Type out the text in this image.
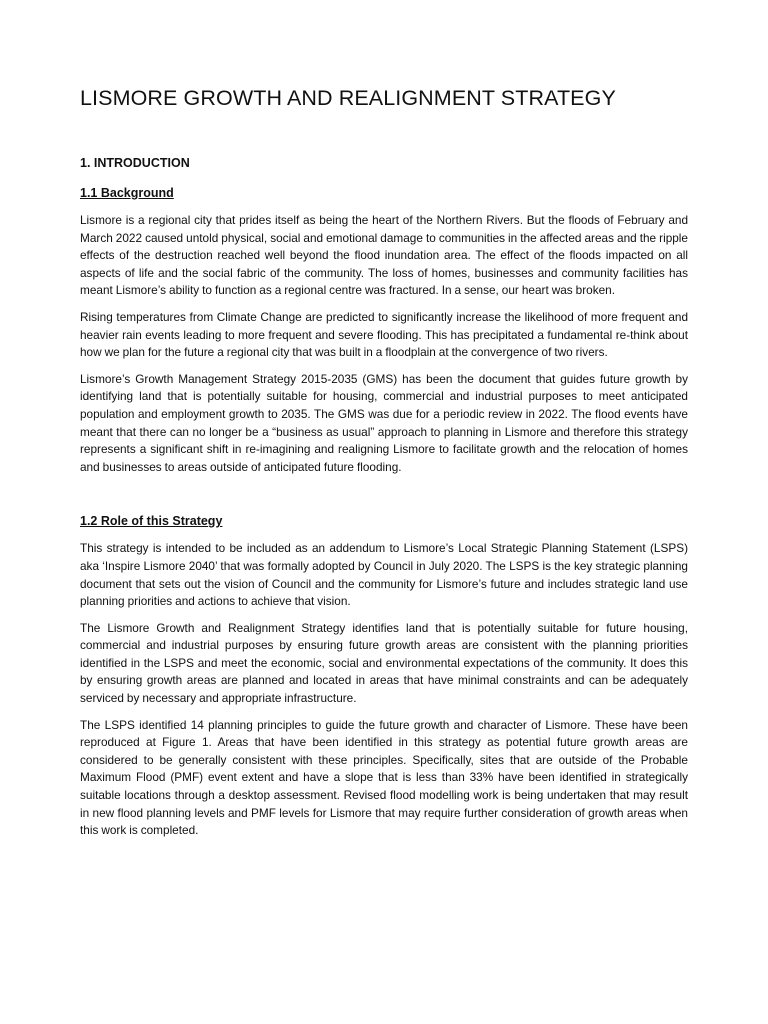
LISMORE GROWTH AND REALIGNMENT STRATEGY
1. INTRODUCTION
1.1 Background

Lismore is a regional city that prides itself as being the heart of the Northern Rivers. But the floods of February and March 2022 caused untold physical, social and emotional damage to communities in the affected areas and the ripple effects of the destruction reached well beyond the flood inundation area. The effect of the floods impacted on all aspects of life and the social fabric of the community. The loss of homes, businesses and community facilities has meant Lismore’s ability to function as a regional centre was fractured. In a sense, our heart was broken.

Rising temperatures from Climate Change are predicted to significantly increase the likelihood of more frequent and heavier rain events leading to more frequent and severe flooding. This has precipitated a fundamental re-think about how we plan for the future a regional city that was built in a floodplain at the convergence of two rivers.

Lismore’s Growth Management Strategy 2015-2035 (GMS) has been the document that guides future growth by identifying land that is potentially suitable for housing, commercial and industrial purposes to meet anticipated population and employment growth to 2035. The GMS was due for a periodic review in 2022. The flood events have meant that there can no longer be a “business as usual” approach to planning in Lismore and therefore this strategy represents a significant shift in re-imagining and realigning Lismore to facilitate growth and the relocation of homes and businesses to areas outside of anticipated future flooding.

1.2 Role of this Strategy

This strategy is intended to be included as an addendum to Lismore’s Local Strategic Planning Statement (LSPS) aka ‘Inspire Lismore 2040’ that was formally adopted by Council in July 2020. The LSPS is the key strategic planning document that sets out the vision of Council and the community for Lismore’s future and includes strategic land use planning priorities and actions to achieve that vision.

The Lismore Growth and Realignment Strategy identifies land that is potentially suitable for future housing, commercial and industrial purposes by ensuring future growth areas are consistent with the planning priorities identified in the LSPS and meet the economic, social and environmental expectations of the community. It does this by ensuring growth areas are planned and located in areas that have minimal constraints and can be adequately serviced by necessary and appropriate infrastructure.

The LSPS identified 14 planning principles to guide the future growth and character of Lismore. These have been reproduced at Figure 1. Areas that have been identified in this strategy as potential future growth areas are considered to be generally consistent with these principles. Specifically, sites that are outside of the Probable Maximum Flood (PMF) event extent and have a slope that is less than 33% have been identified in strategically suitable locations through a desktop assessment. Revised flood modelling work is being undertaken that may result in new flood planning levels and PMF levels for Lismore that may require further consideration of growth areas when this work is completed.
